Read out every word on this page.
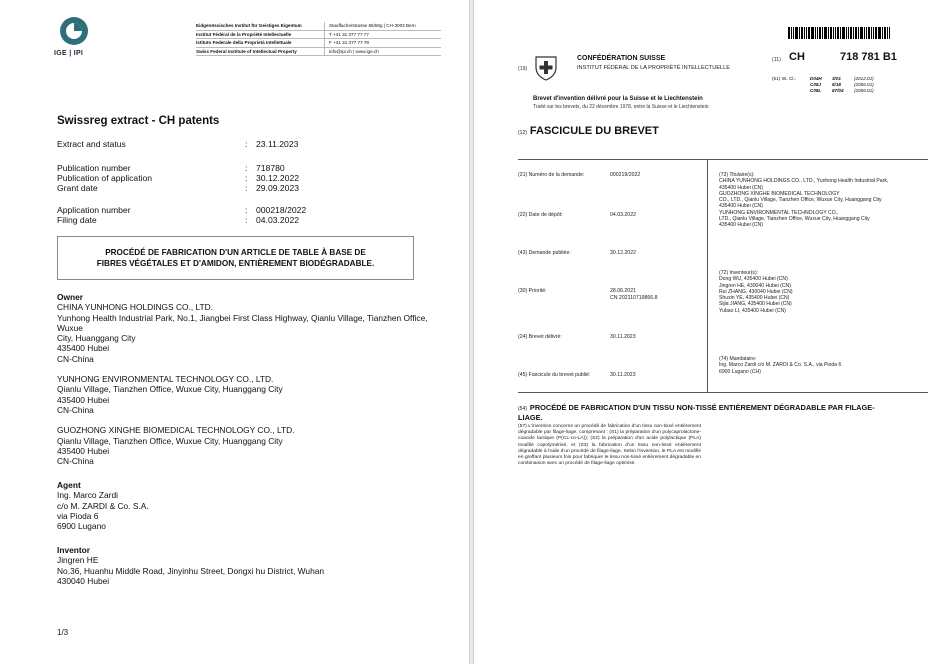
IGE | IPI
Eidgenössisches Institut für Geistiges Eigentum	Stauffacherstrasse 65/59g | CH-3003 Bern
Institut Fédéral de la Propriété Intellectuelle	T +41 31 377 77 77
Istituto Federale della Proprietà Intellettuale	F +41 31 377 77 78
Swiss Federal Institute of Intellectual Property	info@ipi.ch | www.ige.ch
Swissreg extract - CH patents
Extract and status	:	23.11.2023
Publication number	:	718780
Publication of application	:	30.12.2022
Grant date	:	29.09.2023
Application number	:	000218/2022
Filing date	:	04.03.2022
PROCÉDÉ DE FABRICATION D'UN ARTICLE DE TABLE À BASE DE
FIBRES VÉGÉTALES ET D'AMIDON, ENTIÈREMENT BIODÉGRADABLE.
Owner
CHINA YUNHONG HOLDINGS CO., LTD.
Yunhong Health Industrial Park, No.1, Jiangbei First Class Highway, Qianlu Village, Tianzhen Office,
Wuxue
City, Huanggang City
435400 Hubei
CN-China
YUNHONG ENVIRONMENTAL TECHNOLOGY CO., LTD.
Qianlu Village, Tianzhen Office, Wuxue City, Huanggang City
435400 Hubei
CN-China
GUOZHONG XINGHE BIOMEDICAL TECHNOLOGY CO., LTD.
Qianlu Village, Tianzhen Office, Wuxue City, Huanggang City
435400 Hubei
CN-China
Agent
Ing. Marco Zardi
c/o M. ZARDI & Co. S.A.
via Pioda 6
6900 Lugano
Inventor
Jingren HE
No.36, Huanhu Middle Road, Jinyinhu Street, Dongxi hu District, Wuhan
430040 Hubei
1/3
(19)
CONFÉDÉRATION SUISSE
INSTITUT FÉDÉRAL DE LA PROPRIÉTÉ INTELLECTUELLE
(11) CH	718 781 B1
(51) Int. Cl.:	D04H	3/01	(2012.01)
C08J	5/18	(2006.01)
C08L	67/04	(2006.01)
Brevet d'invention délivré pour la Suisse et le Liechtenstein
Traité sur les brevets, du 22 décembre 1978, entre la Suisse et le Liechtenstein
(12) FASCICULE DU BREVET
(21) Numéro de la demande:	000219/2022
(22) Date de dépôt:	04.03.2022
(43) Demande publiée:	30.12.2022
(30) Priorité:	28.06.2021
CN 202110719866.8
(24) Brevet délivré:	30.11.2023
(45) Fascicule du brevet publié:	30.11.2023
(73) Titulaire(s):
CHINA YUNHONG HOLDINGS CO., LTD., Yunhong Health Industrial Park,
435400 Hubei (CN)
GUOZHONG XINGHE BIOMEDICAL TECHNOLOGY
CO., LTD., Qianlu Village, Tianzhen Office, Wuxue City, Huanggang City
435400 Hubei (CN)
YUNHONG ENVIRONMENTAL TECHNOLOGY CO.,
LTD., Qianlu Village, Tianzhen Office, Wuxue City, Huanggang City
435400 Hubei (CN)
(72) Inventeur(s):
Dong WU, 435400 Hubei (CN)
Jingren HE, 430040 Hubei (CN)
Rui ZHANG, 430040 Hubei (CN)
Shuxin YE, 435400 Hubei (CN)
Sijia JIANG, 435400 Hubei (CN)
Yubao LI, 435400 Hubei (CN)
(74) Mandataire:
Ing. Marco Zardi c/o M. ZARDI & Co. S.A., via Pioda 6
6900 Lugano (CH)
(54) PROCÉDÉ DE FABRICATION D'UN TISSU NON-TISSÉ ENTIÈREMENT DÉGRADABLE PAR FILAGE-LIAGE.
(57) L'invention concerne un procédé de fabrication d'un tissu non-tissé entièrement dégradable par filage-liage, comprenant : (S1) la préparation d'un polycaprolactone-coacide lactique (P(CL-co-LA)); (S2) la préparation d'un acide polylactique (PLA) modifié copolymérisé, et (S3) la fabrication d'un tissu non-tissé entièrement dégradable à l'aide d'un procédé de filage-liage. Selon l'invention, le PLA est modifié en greffant plusieurs fois pour fabriquer le tissu non-tissé entièrement dégradable en combinaison avec un procédé de filage-liage optimisé.
